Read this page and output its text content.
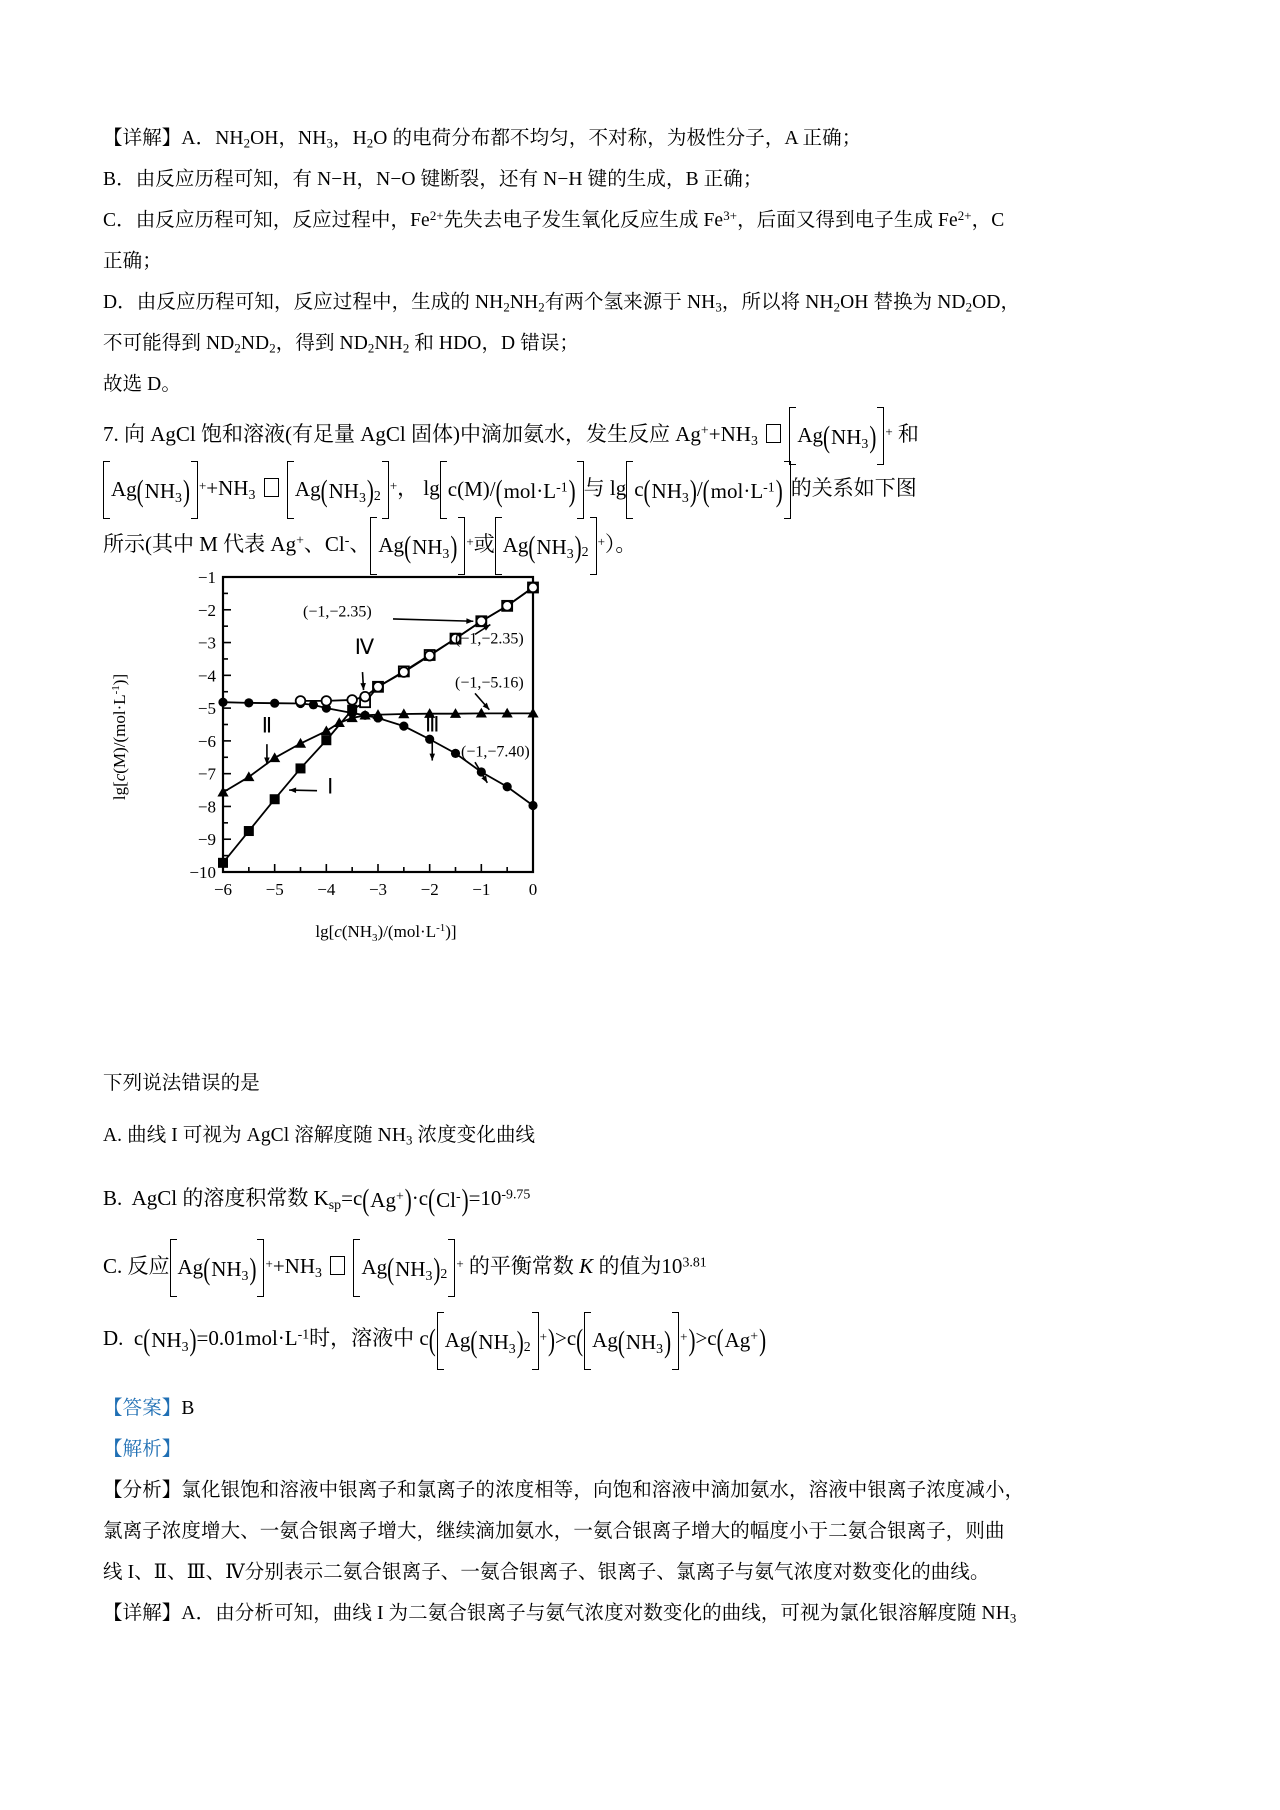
【详解】A．$NH_2OH$，$NH_3$，$H_2O$ 的电荷分布都不均匀，不对称，为极性分子，A 正确；

B．由反应历程可知，有 N−H，N−O 键断裂，还有 N−H 键的生成，B 正确；

C．由反应历程可知，反应过程中，$Fe^{2+}$先失去电子发生氧化反应生成 $Fe^{3+}$，后面又得到电子生成 $Fe^{2+}$，C

正确；

D．由反应历程可知，反应过程中，生成的 $NH_2NH_2$有两个氢来源于 $NH_3$，所以将 $NH_2OH$ 替换为 $ND_2OD$，

不可能得到 $ND_2ND_2$，得到 $ND_2NH_2$ 和 HDO，D 错误；

故选 D。

7. 向 AgCl 饱和溶液(有足量 AgCl 固体)中滴加氨水，发生反应 $Ag^++NH_3$ Ag ( $NH_3$ )+ 和
Ag ( $NH_3$ )$++NH_3$ Ag ( $NH_3$ ) $_2$+， lg c(M)/ ( $mol\cdot L^{-1}$ ) 与 lg c ( $NH_3$ ) / ( $mol\cdot L^{-1}$ ) 的关系如下图
所示(其中 M 代表 Ag+、Cl-、 Ag ( $NH_3$ )+或 Ag ( $NH_3$ ) $_2$+）。
−6 −5 −4 −3 −2 −1 0
−10
−9
−8
−7
−6
−5
−4
−3
−2
−1
(−1,−2.35)
(−1,−2.35)
(−1,−5.16)
(−1,−7.40)
Ⅳ
Ⅱ	Ⅲ
Ⅰ
$\lg[c(M)/(mol\cdot L^{-1})]$
$\lg[c(NH_3)/(mol\cdot L^{-1})]$
下列说法错误的是
A. 曲线 I 可视为 AgCl 溶解度随 $NH_3$ 浓度变化曲线
B.  AgCl 的溶度积常数 $K_{sp}=c$ ( Ag+ ) ·c ( Cl- ) $=10^{-9.75}$
C. 反应 Ag ( $NH_3$ )$++NH_3$ Ag ( $NH_3$ ) $_2$+ 的平衡常数 K 的值为$10^{3.81}$
D.  c ( $NH_3$ ) $=0.01mol\cdot L^{-1}$时，溶液中 c ( Ag ( $NH_3$ ) $_2$+ ) >c ( Ag ( $NH_3$ )+ ) >c ( Ag+ )
【答案】B
【解析】
【分析】氯化银饱和溶液中银离子和氯离子的浓度相等，向饱和溶液中滴加氨水，溶液中银离子浓度减小，
氯离子浓度增大、一氨合银离子增大，继续滴加氨水，一氨合银离子增大的幅度小于二氨合银离子，则曲
线 I、Ⅱ、Ⅲ、Ⅳ分别表示二氨合银离子、一氨合银离子、银离子、氯离子与氨气浓度对数变化的曲线。
【详解】A．由分析可知，曲线 I 为二氨合银离子与氨气浓度对数变化的曲线，可视为氯化银溶解度随 $NH_3$
